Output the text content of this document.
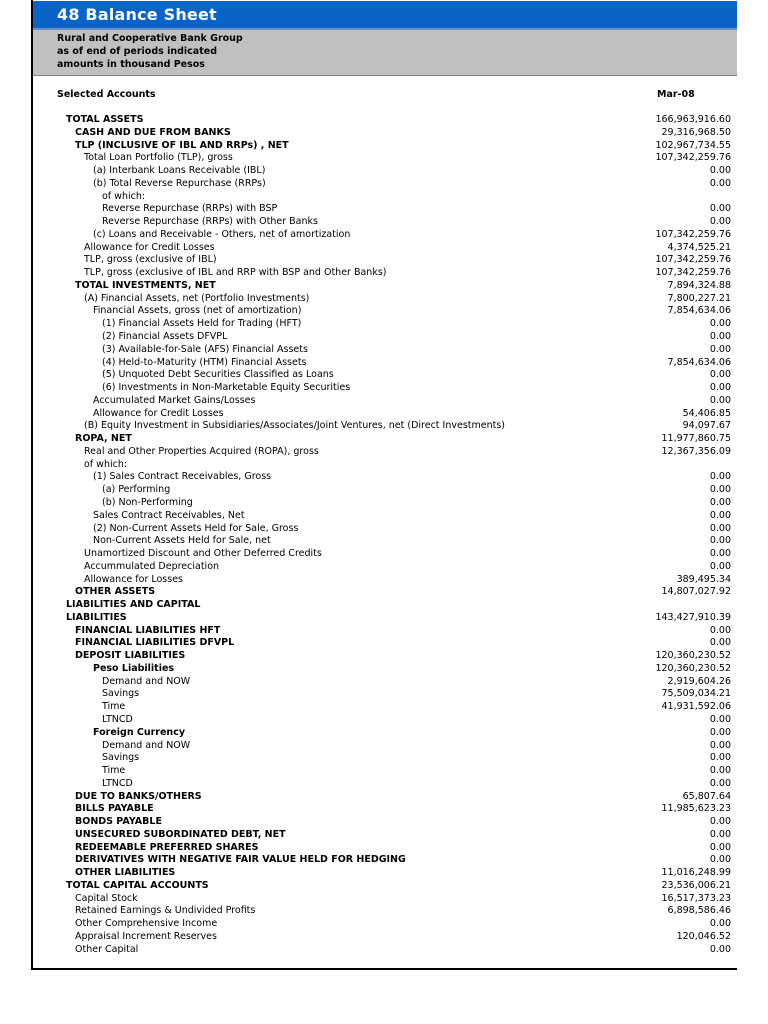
48 Balance Sheet
Rural and Cooperative Bank Group
as of end of periods indicated
amounts in thousand Pesos
Selected Accounts	Mar-08
TOTAL ASSETS	166,963,916.60
CASH AND DUE FROM BANKS	29,316,968.50
TLP (INCLUSIVE OF IBL AND RRPs) , NET	102,967,734.55
Total Loan Portfolio (TLP), gross	107,342,259.76
(a) Interbank Loans Receivable (IBL)	0.00
(b) Total Reverse Repurchase (RRPs)	0.00
of which:
Reverse Repurchase (RRPs) with BSP	0.00
Reverse Repurchase (RRPs) with Other Banks	0.00
(c) Loans and Receivable - Others, net of amortization	107,342,259.76
Allowance for Credit Losses	4,374,525.21
TLP, gross (exclusive of IBL)	107,342,259.76
TLP, gross (exclusive of IBL and RRP with BSP and Other Banks)	107,342,259.76
TOTAL INVESTMENTS, NET	7,894,324.88
(A) Financial Assets, net (Portfolio Investments)	7,800,227.21
Financial Assets, gross (net of amortization)	7,854,634.06
(1) Financial Assets Held for Trading (HFT)	0.00
(2) Financial Assets DFVPL	0.00
(3) Available-for-Sale (AFS) Financial Assets	0.00
(4) Held-to-Maturity (HTM) Financial Assets	7,854,634.06
(5) Unquoted Debt Securities Classified as Loans	0.00
(6) Investments in Non-Marketable Equity Securities	0.00
Accumulated Market Gains/Losses	0.00
Allowance for Credit Losses	54,406.85
(B) Equity Investment in Subsidiaries/Associates/Joint Ventures, net (Direct Investments)	94,097.67
ROPA, NET	11,977,860.75
Real and Other Properties Acquired (ROPA), gross	12,367,356.09
of which:
(1) Sales Contract Receivables, Gross	0.00
(a) Performing	0.00
(b) Non-Performing	0.00
Sales Contract Receivables, Net	0.00
(2) Non-Current Assets Held for Sale, Gross	0.00
Non-Current Assets Held for Sale, net	0.00
Unamortized Discount and Other Deferred Credits	0.00
Accummulated Depreciation	0.00
Allowance for Losses	389,495.34
OTHER ASSETS	14,807,027.92
LIABILITIES AND CAPITAL
LIABILITIES	143,427,910.39
FINANCIAL LIABILITIES HFT	0.00
FINANCIAL LIABILITIES DFVPL	0.00
DEPOSIT LIABILITIES	120,360,230.52
Peso Liabilities	120,360,230.52
Demand and NOW	2,919,604.26
Savings	75,509,034.21
Time	41,931,592.06
LTNCD	0.00
Foreign Currency	0.00
Demand and NOW	0.00
Savings	0.00
Time	0.00
LTNCD	0.00
DUE TO BANKS/OTHERS	65,807.64
BILLS PAYABLE	11,985,623.23
BONDS PAYABLE	0.00
UNSECURED SUBORDINATED DEBT, NET	0.00
REDEEMABLE PREFERRED SHARES	0.00
DERIVATIVES WITH NEGATIVE FAIR VALUE HELD FOR HEDGING	0.00
OTHER LIABILITIES	11,016,248.99
TOTAL CAPITAL ACCOUNTS	23,536,006.21
Capital Stock	16,517,373.23
Retained Earnings & Undivided Profits	6,898,586.46
Other Comprehensive Income	0.00
Appraisal Increment Reserves	120,046.52
Other Capital	0.00
